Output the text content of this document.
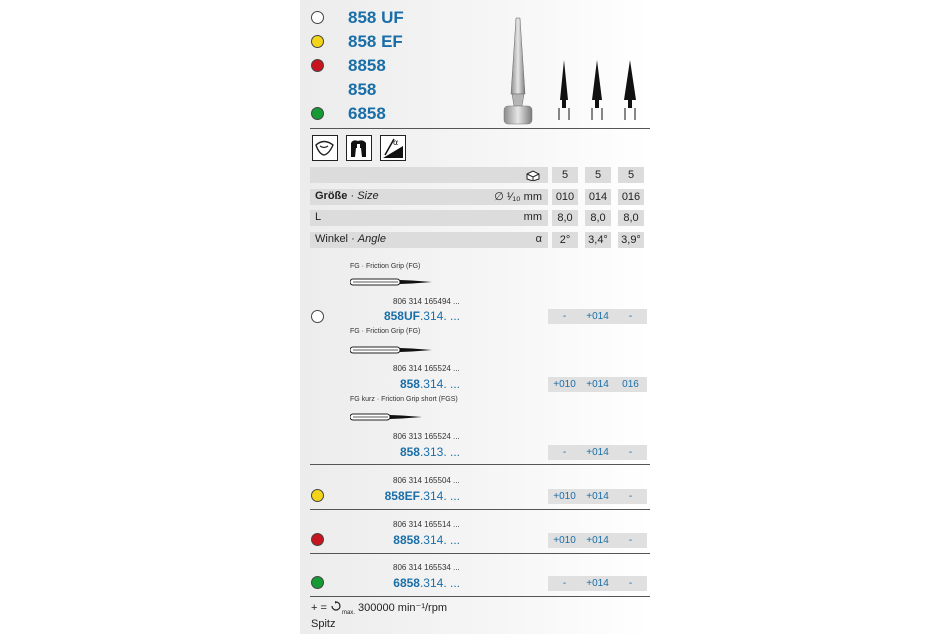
858 UF
858 EF
8858
858
6858
α
5	5	5
Größe · Size	∅ ¹⁄₁₀ mm	010	014	016
L	mm	8,0	8,0	8,0
Winkel · Angle	α	2°	3,4° 3,9°
FG · Friction Grip (FG)
806 314 165494 ...
858UF.314. ...	-	+014	-
FG · Friction Grip (FG)
806 314 165524 ...
858.314. ...	+010	+014	016
FG kurz · Friction Grip short (FGS)
806 313 165524 ...
858.313. ...	-	+014	-
806 314 165504 ...
858EF.314. ...	+010	+014	-
806 314 165514 ...
8858.314. ...	+010	+014	-
806 314 165534 ...
6858.314. ...	-	+014	-
+ = $_{max.}$ 300000 min⁻¹/rpm
Spitz
